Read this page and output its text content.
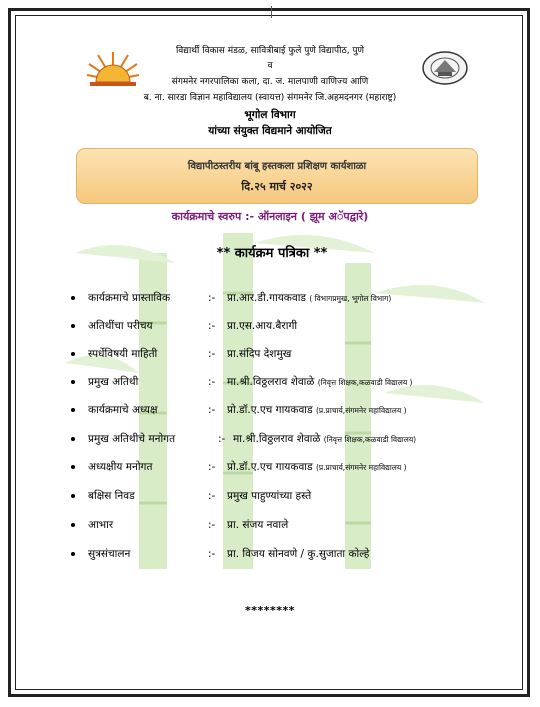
विद्यार्थी विकास मंडळ, सावित्रीबाई फुले पुणे विद्यापीठ, पुणे
व
संगमनेर नगरपालिका कला, दा. ज. मालपाणी वाणिज्य आणि
ब. ना. सारडा विज्ञान महाविद्यालय (स्वायत्त) संगमनेर जि.अहमदनगर (महाराष्ट्र)
भूगोल विभाग
यांच्या संयुक्त विद्यमाने आयोजित
विद्यापीठस्तरीय बांबू हस्तकला प्रशिक्षण कार्यशाळा
दि.२५ मार्च २०२२
कार्यक्रमाचे स्वरुप :- ऑनलाइन ( झूम अॅपद्वारे)
** कार्यक्रम पत्रिका **
कार्यक्रमाचे प्रास्ताविक	:- प्रा.आर.डी.गायकवाड ( विभागप्रमुख, भूगोल विभाग)
अतिथींचा परीचय	:- प्रा.एस.आय.बैरागी
स्पर्धेविषयी माहिती	:- प्रा.संदिप देशमुख
प्रमुख अतिथी	:- मा.श्री.विठ्ठलराव शेवाळे (निवृत्त शिक्षक,कळवाडी विद्यालय )
कार्यक्रमाचे अध्यक्ष	:- प्रो.डॉ.ए.एच गायकवाड (प्र.प्राचार्य,संगमनेर महाविद्यालय )
प्रमुख अतिथीचे मनोगत	:- मा.श्री.विठ्ठलराव शेवाळे (निवृत्त शिक्षक,कळवाडी विद्यालय)
अध्यक्षीय मनोगत	:- प्रो.डॉ.ए.एच गायकवाड (प्र.प्राचार्य,संगमनेर महाविद्यालय )
बक्षिस निवड	:- प्रमुख पाहुण्यांच्या हस्ते
आभार	:- प्रा. संजय नवाले
सुत्रसंचालन	:- प्रा. विजय सोनवणे / कु.सुजाता कोल्हे
********
